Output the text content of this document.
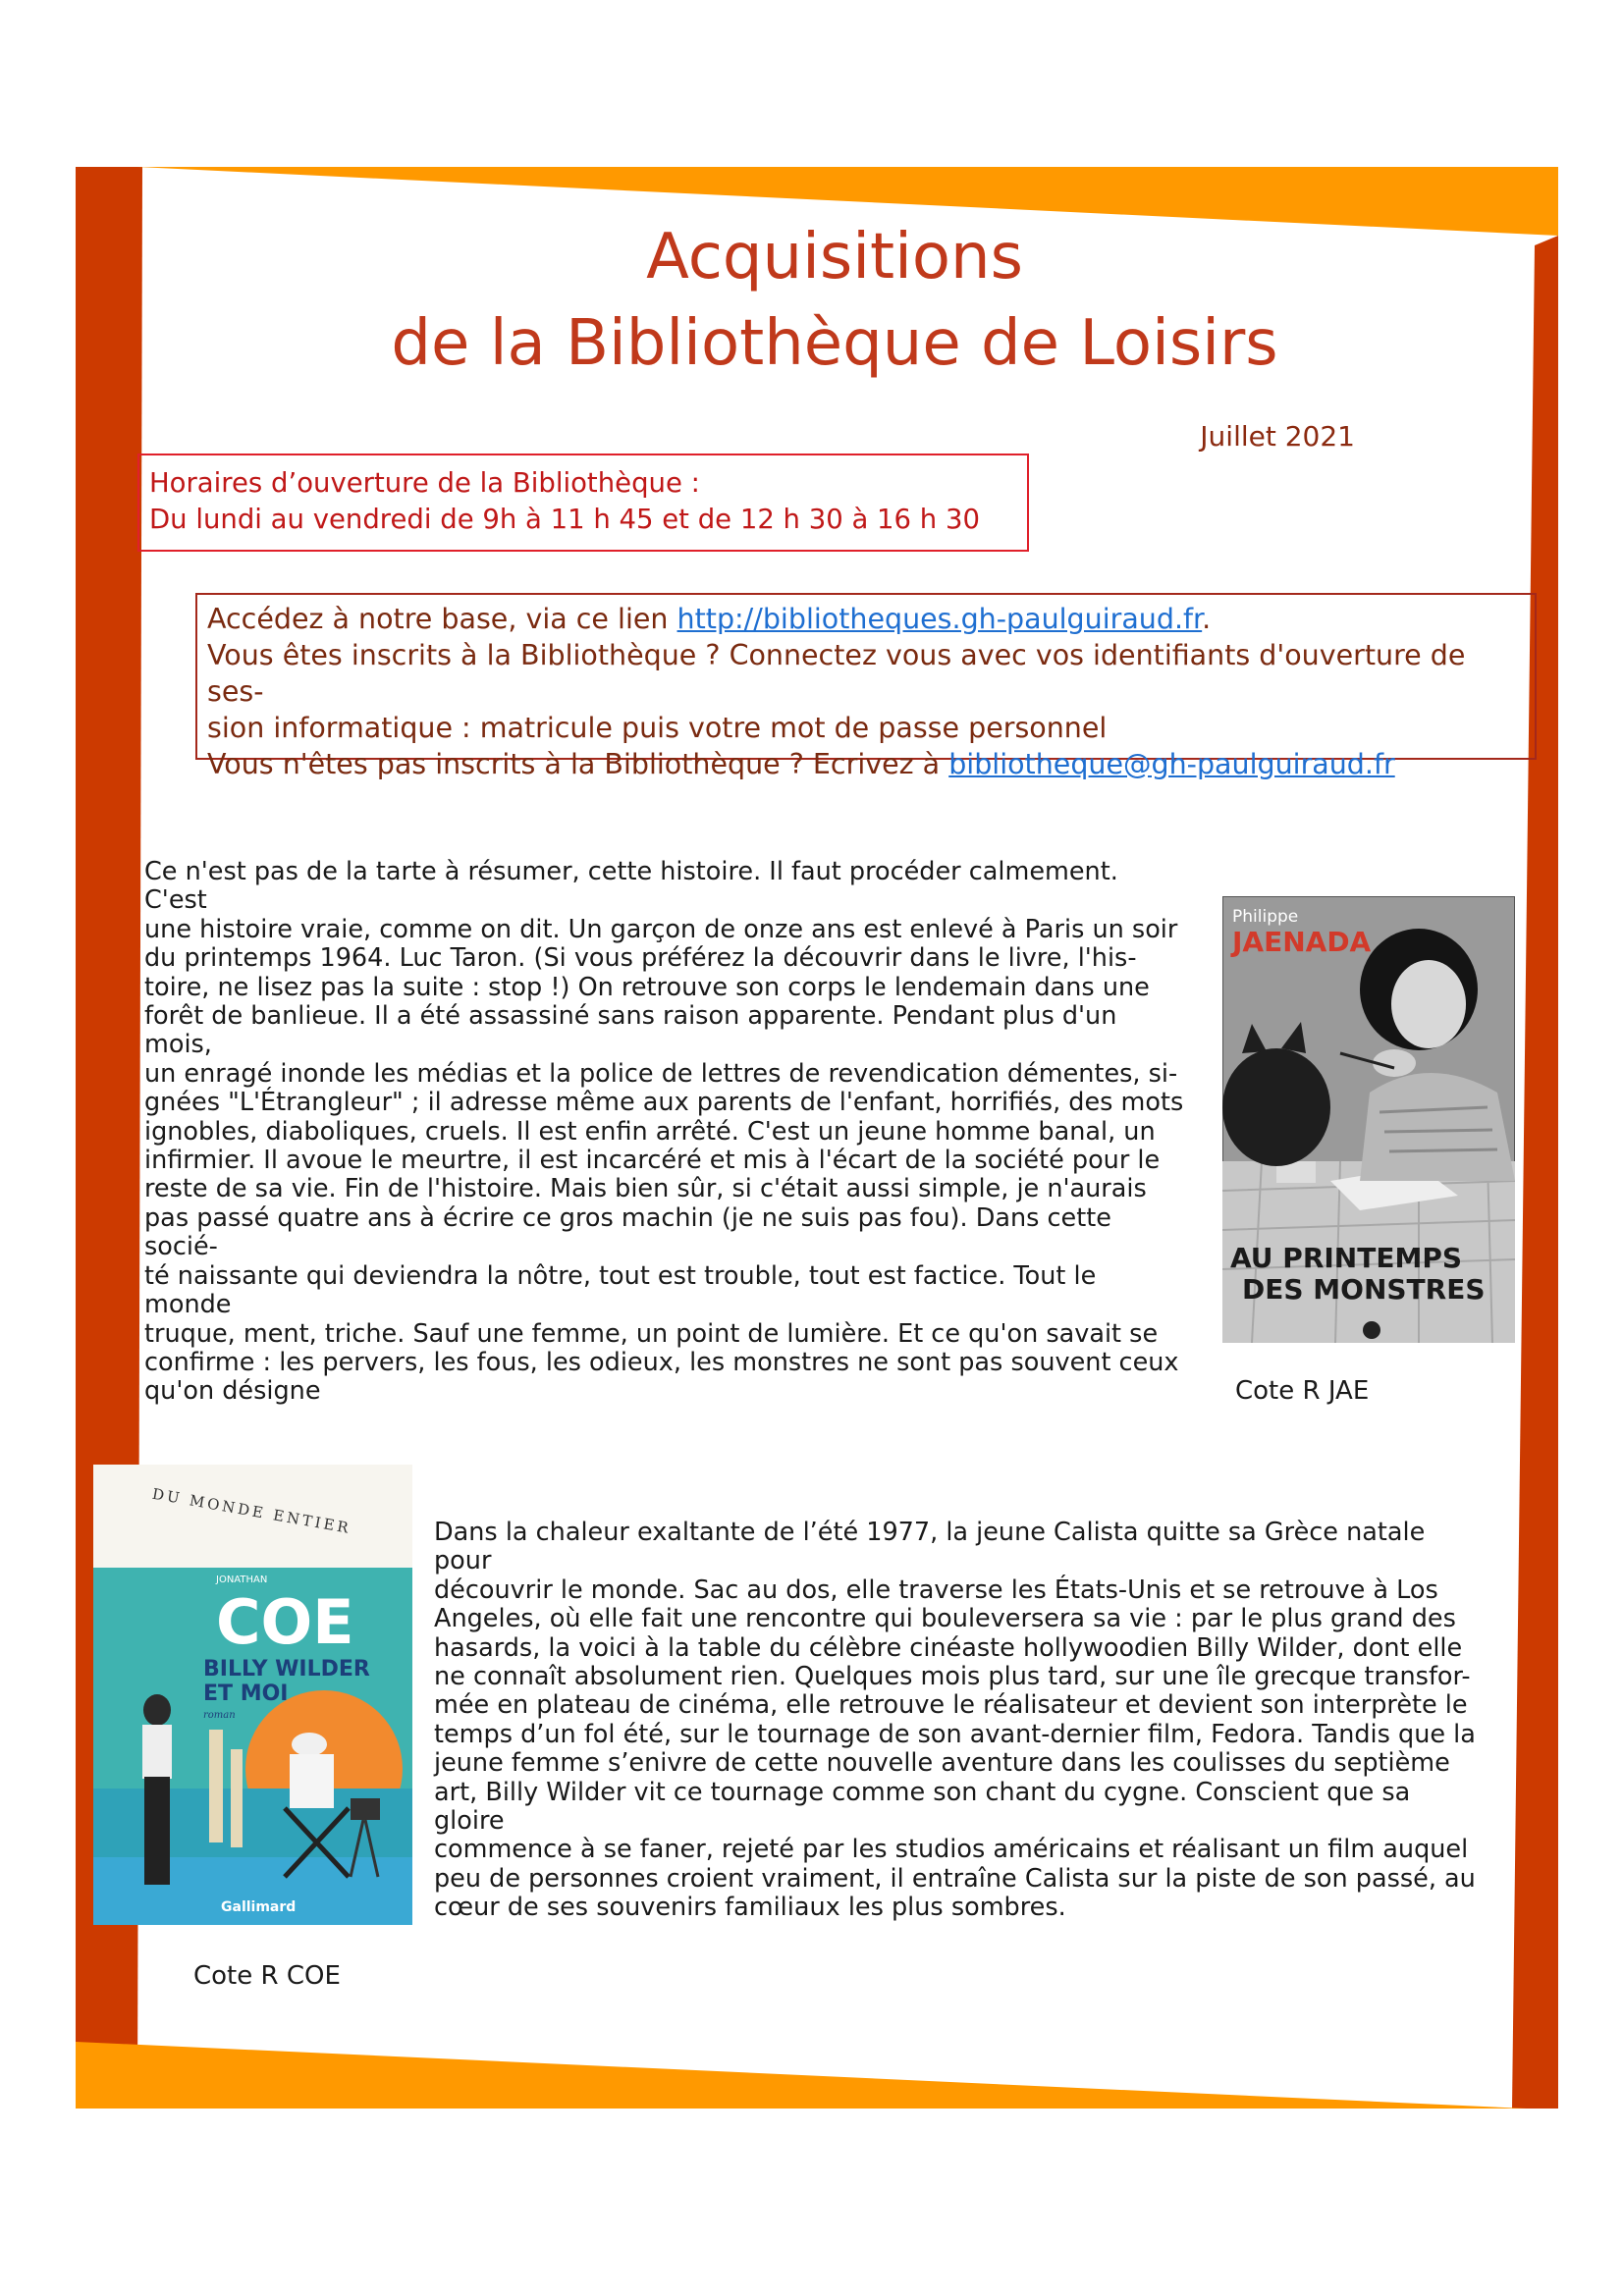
Acquisitions
de la Bibliothèque de Loisirs
Juillet 2021
Horaires d’ouverture de la Bibliothèque :
Du lundi au vendredi de 9h à 11 h 45 et de 12 h 30 à 16 h 30
Accédez à notre base, via ce lien http://bibliotheques.gh-paulguiraud.fr.
Vous êtes inscrits à la Bibliothèque ? Connectez vous avec vos identifiants d'ouverture de ses-
sion informatique : matricule puis votre mot de passe personnel
Vous n'êtes pas inscrits à la Bibliothèque ? Ecrivez à bibliotheque@gh-paulguiraud.fr
Ce n'est pas de la tarte à résumer, cette histoire. Il faut procéder calmement. C'est
une histoire vraie, comme on dit. Un garçon de onze ans est enlevé à Paris un soir
du printemps 1964. Luc Taron. (Si vous préférez la découvrir dans le livre, l'his-
toire, ne lisez pas la suite : stop !) On retrouve son corps le lendemain dans une
forêt de banlieue. Il a été assassiné sans raison apparente. Pendant plus d'un mois,
un enragé inonde les médias et la police de lettres de revendication démentes, si-
gnées "L'Étrangleur" ; il adresse même aux parents de l'enfant, horrifiés, des mots
ignobles, diaboliques, cruels. Il est enfin arrêté. C'est un jeune homme banal, un
infirmier. Il avoue le meurtre, il est incarcéré et mis à l'écart de la société pour le
reste de sa vie. Fin de l'histoire. Mais bien sûr, si c'était aussi simple, je n'aurais
pas passé quatre ans à écrire ce gros machin (je ne suis pas fou). Dans cette socié-
té naissante qui deviendra la nôtre, tout est trouble, tout est factice. Tout le monde
truque, ment, triche. Sauf une femme, un point de lumière. Et ce qu'on savait se
confirme : les pervers, les fous, les odieux, les monstres ne sont pas souvent ceux
qu'on désigne
Philippe
JAENADA
AU PRINTEMPS
DES MONSTRES
Cote R JAE
DU MONDE ENTIER
JONATHAN
COE
BILLY WILDER
ET MOI
roman
Gallimard
Cote R COE
Dans la chaleur exaltante de l’été 1977, la jeune Calista quitte sa Grèce natale pour
découvrir le monde. Sac au dos, elle traverse les États-Unis et se retrouve à Los
Angeles, où elle fait une rencontre qui bouleversera sa vie : par le plus grand des
hasards, la voici à la table du célèbre cinéaste hollywoodien Billy Wilder, dont elle
ne connaît absolument rien. Quelques mois plus tard, sur une île grecque transfor-
mée en plateau de cinéma, elle retrouve le réalisateur et devient son interprète le
temps d’un fol été, sur le tournage de son avant-dernier film, Fedora. Tandis que la
jeune femme s’enivre de cette nouvelle aventure dans les coulisses du septième
art, Billy Wilder vit ce tournage comme son chant du cygne. Conscient que sa gloire
commence à se faner, rejeté par les studios américains et réalisant un film auquel
peu de personnes croient vraiment, il entraîne Calista sur la piste de son passé, au
cœur de ses souvenirs familiaux les plus sombres.
